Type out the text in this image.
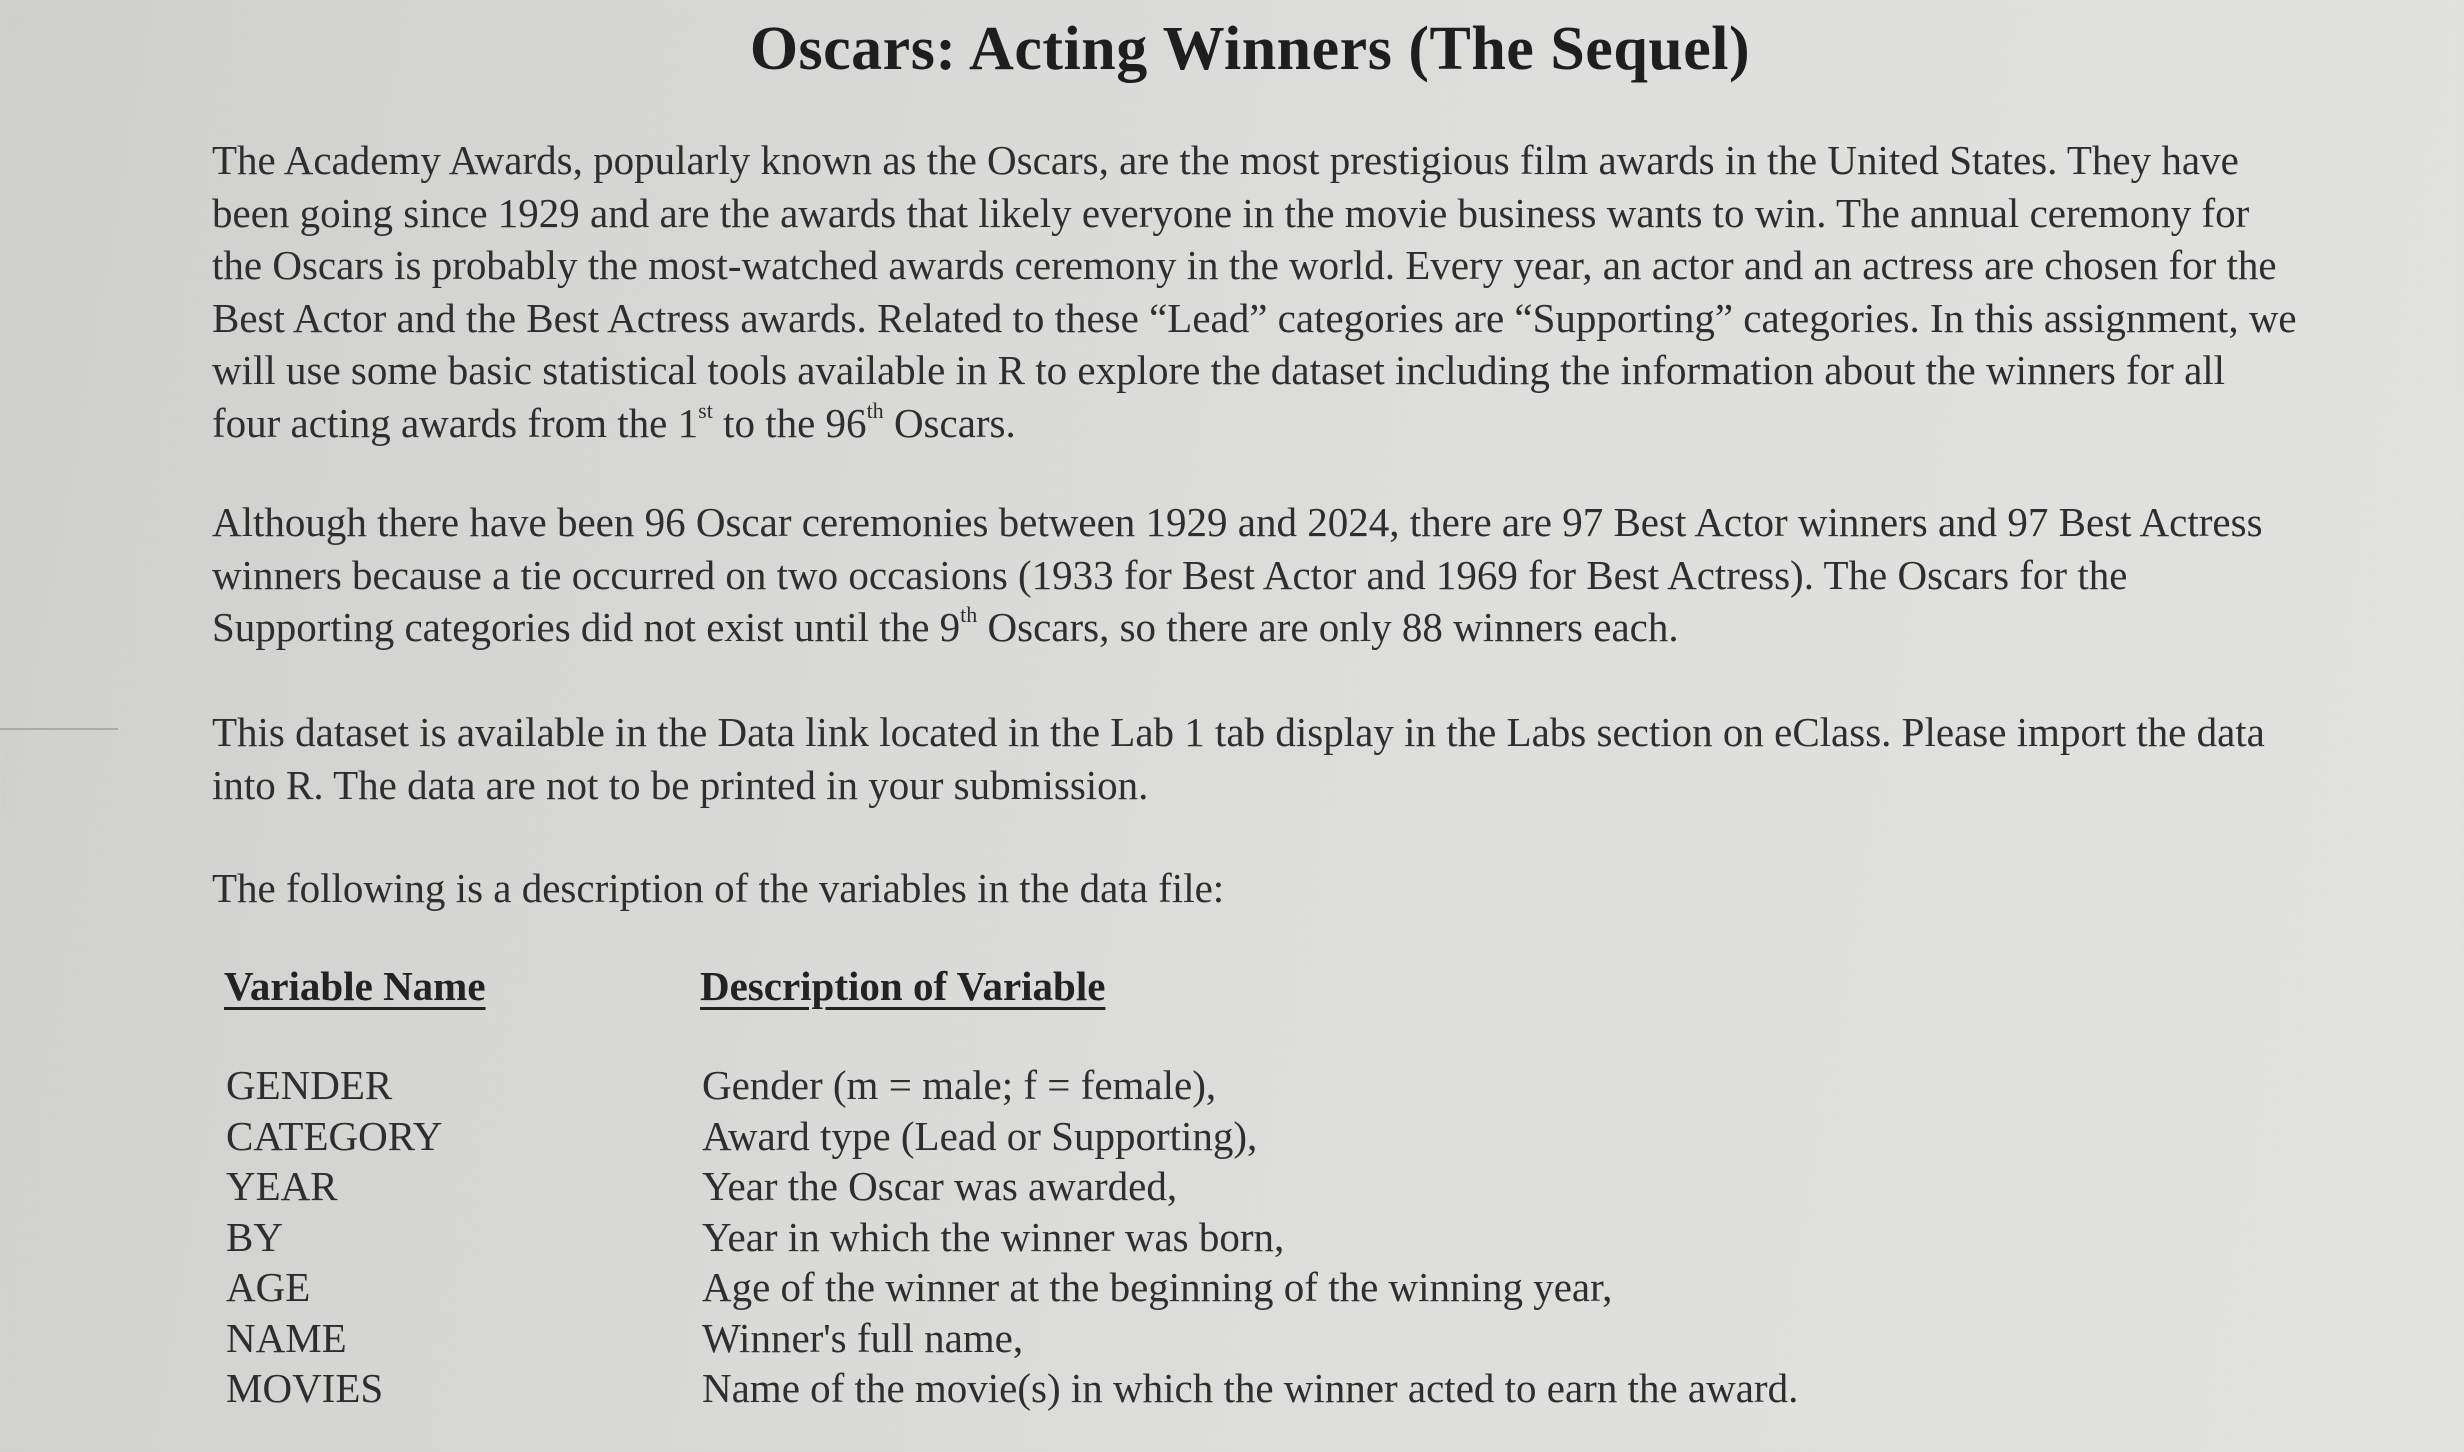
Oscars: Acting Winners (The Sequel)
The Academy Awards, popularly known as the Oscars, are the most prestigious film awards in the United States. They have been going since 1929 and are the awards that likely everyone in the movie business wants to win. The annual ceremony for the Oscars is probably the most-watched awards ceremony in the world. Every year, an actor and an actress are chosen for the Best Actor and the Best Actress awards. Related to these “Lead” categories are “Supporting” categories. In this assignment, we will use some basic statistical tools available in R to explore the dataset including the information about the winners for all four acting awards from the 1st to the 96th Oscars.
Although there have been 96 Oscar ceremonies between 1929 and 2024, there are 97 Best Actor winners and 97 Best Actress winners because a tie occurred on two occasions (1933 for Best Actor and 1969 for Best Actress). The Oscars for the Supporting categories did not exist until the 9th Oscars, so there are only 88 winners each.
This dataset is available in the Data link located in the Lab 1 tab display in the Labs section on eClass. Please import the data into R. The data are not to be printed in your submission.
The following is a description of the variables in the data file:
Variable Name	Description of Variable
GENDER	Gender (m = male; f = female),
CATEGORY	Award type (Lead or Supporting),
YEAR	Year the Oscar was awarded,
BY	Year in which the winner was born,
AGE	Age of the winner at the beginning of the winning year,
NAME	Winner's full name,
MOVIES	Name of the movie(s) in which the winner acted to earn the award.
